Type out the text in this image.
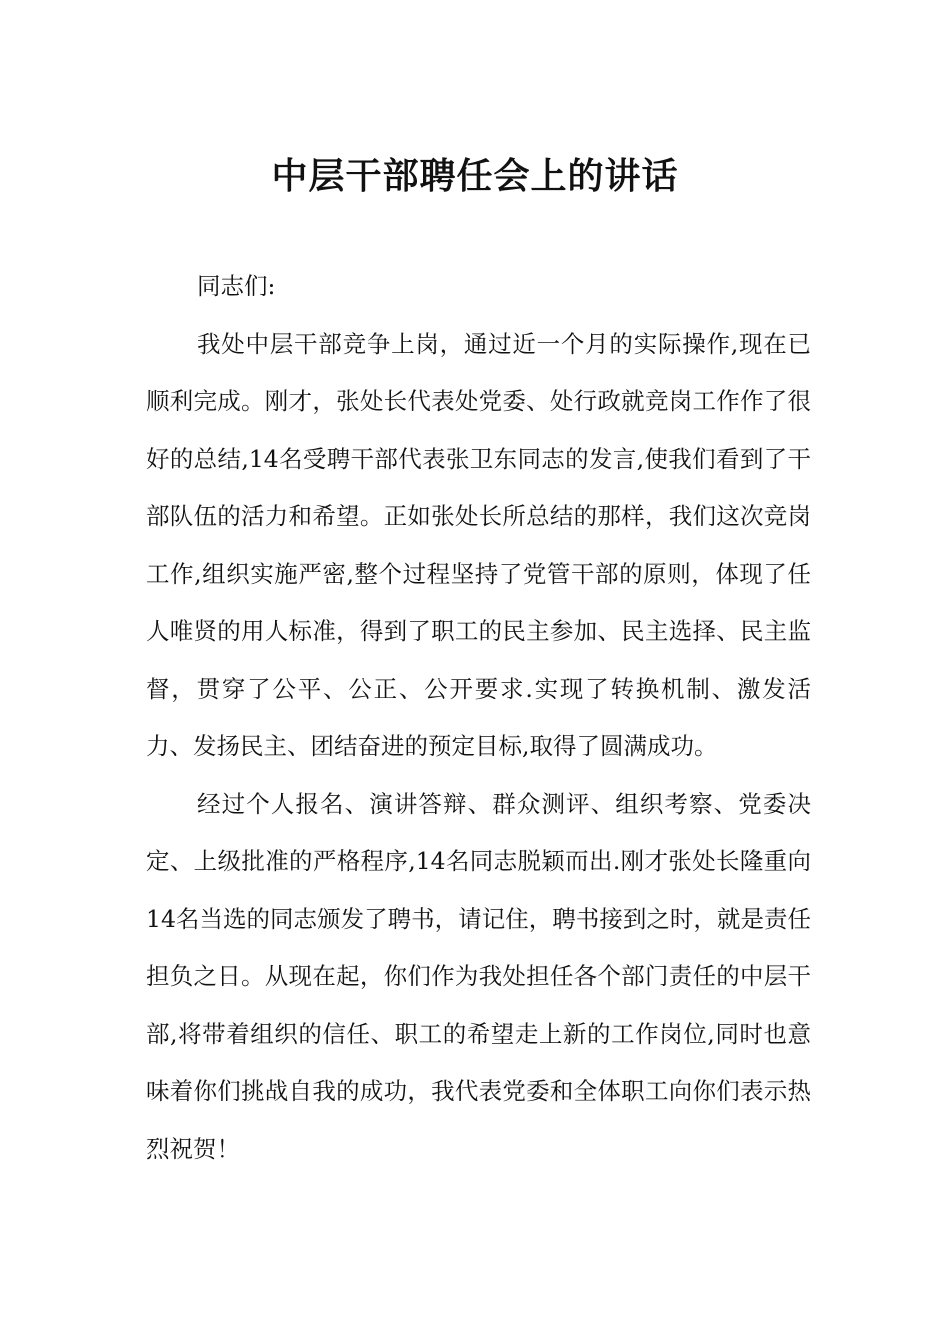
中层干部聘任会上的讲话

同志们:

我处中层干部竞争上岗，通过近一个月的实际操作,现在已顺利完成。刚才，张处长代表处党委、处行政就竞岗工作作了很好的总结,14名受聘干部代表张卫东同志的发言,使我们看到了干部队伍的活力和希望。正如张处长所总结的那样，我们这次竞岗工作,组织实施严密,整个过程坚持了党管干部的原则，体现了任人唯贤的用人标准，得到了职工的民主参加、民主选择、民主监督，贯穿了公平、公正、公开要求.实现了转换机制、激发活力、发扬民主、团结奋进的预定目标,取得了圆满成功。

经过个人报名、演讲答辩、群众测评、组织考察、党委决定、上级批准的严格程序,14名同志脱颖而出.刚才张处长隆重向14名当选的同志颁发了聘书，请记住，聘书接到之时，就是责任担负之日。从现在起，你们作为我处担任各个部门责任的中层干部,将带着组织的信任、职工的希望走上新的工作岗位,同时也意味着你们挑战自我的成功，我代表党委和全体职工向你们表示热烈祝贺！
